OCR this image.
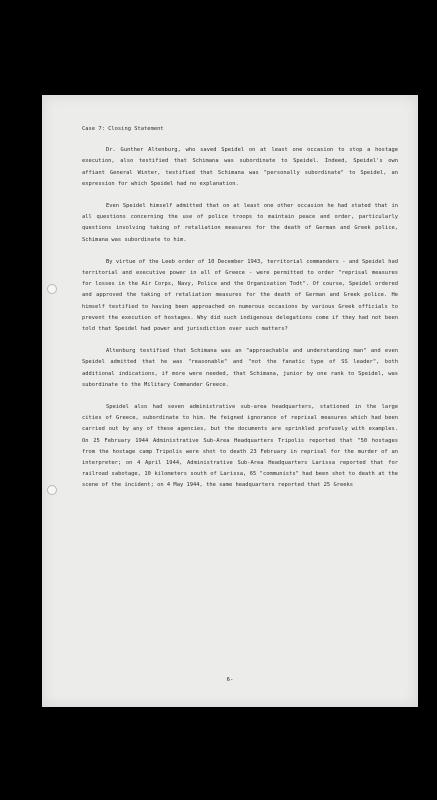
Case 7: Closing Statement

Dr. Gunther Altenburg, who saved Speidel on at least one occasion to stop a hostage execution, also testified that Schimana was subordinate to Speidel. Indeed, Speidel's own affiant General Winter, testified that Schimana was "personally subordinate" to Speidel, an expression for which Speidel had no explanation.

Even Speidel himself admitted that on at least one other occasion he had stated that in all questions concerning the use of police troops to maintain peace and order, particularly questions involving taking of retaliation measures for the death of German and Greek police, Schimana was subordinate to him.

By virtue of the Leeb order of 10 December 1943, territorial commanders - and Speidel had territorial and executive power in all of Greece - were permitted to order "reprisal measures for losses in the Air Corps, Navy, Police and the Organisation Todt". Of course, Speidel ordered and approved the taking of retaliation measures for the death of German and Greek police. He himself testified to having been approached on numerous occasions by various Greek officials to prevent the execution of hostages. Why did such indigenous delegations come if they had not been told that Speidel had power and jurisdiction over such matters?

Altenburg testified that Schimana was an "approachable and understanding man" and even Speidel admitted that he was "reasonable" and "not the fanatic type of SS leader", both additional indications, if more were needed, that Schimana, junior by one rank to Speidel, was subordinate to the Military Commander Greece.

Speidel also had seven administrative sub-area headquarters, stationed in the large cities of Greece, subordinate to him. He feigned ignorance of reprisal measures which had been carried out by any of these agencies, but the documents are sprinkled profusely with examples. On 25 February 1944 Administrative Sub-Area Headquarters Tripolis reported that "50 hostages from the hostage camp Tripolis were shot to death 23 February in reprisal for the murder of an interpreter; on 4 April 1944, Administrative Sub-Area Headquarters Larissa reported that for railroad sabotage, 10 kilometers south of Larissa, 65 "communists" had been shot to death at the scene of the incident; on 4 May 1944, the same headquarters reported that 25 Greeks

6-
